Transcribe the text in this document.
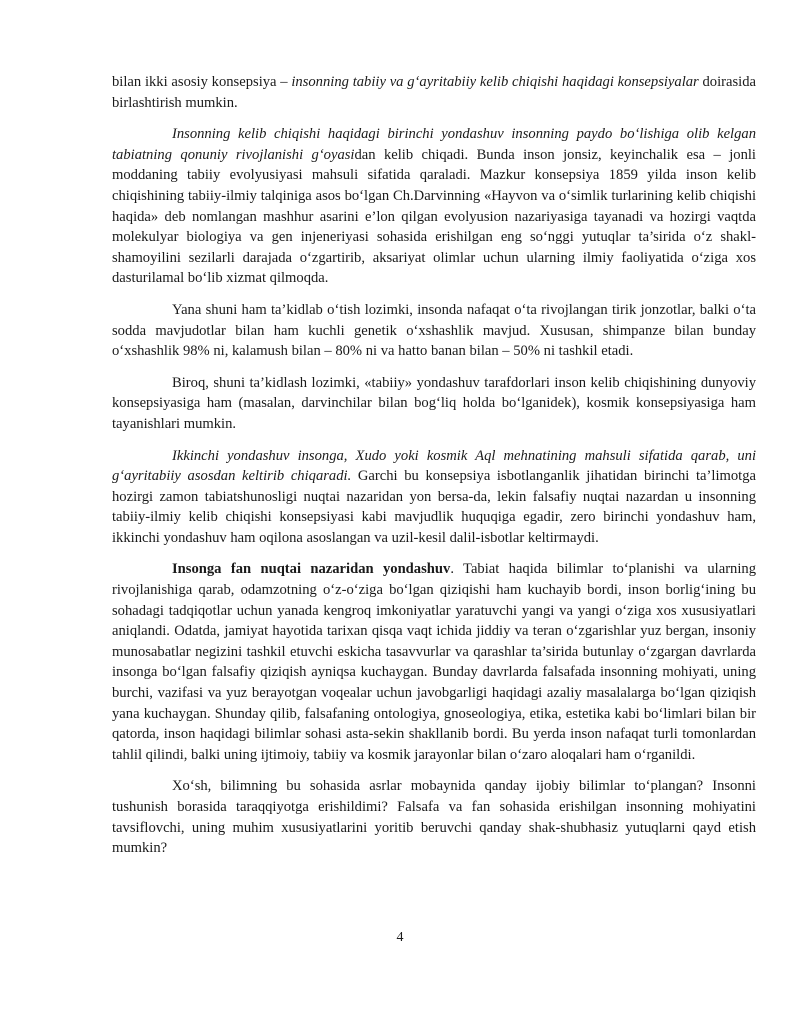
bilan ikki asosiy konsepsiya – insonning tabiiy va g‘ayritabiiy kelib chiqishi haqidagi konsepsiyalar doirasida birlashtirish mumkin.

Insonning kelib chiqishi haqidagi birinchi yondashuv insonning paydo bo‘lishiga olib kelgan tabiatning qonuniy rivojlanishi g‘oyasidan kelib chiqadi. Bunda inson jonsiz, keyinchalik esa – jonli moddaning tabiiy evolyusiyasi mahsuli sifatida qaraladi. Mazkur konsepsiya 1859 yilda inson kelib chiqishining tabiiy-ilmiy talqiniga asos bo‘lgan Ch.Darvinning «Hayvon va o‘simlik turlarining kelib chiqishi haqida» deb nomlangan mashhur asarini e’lon qilgan evolyusion nazariyasiga tayanadi va hozirgi vaqtda molekulyar biologiya va gen injeneriyasi sohasida erishilgan eng so‘nggi yutuqlar ta’sirida o‘z shakl-shamoyilini sezilarli darajada o‘zgartirib, aksariyat olimlar uchun ularning ilmiy faoliyatida o‘ziga xos dasturilamal bo‘lib xizmat qilmoqda.

Yana shuni ham ta’kidlab o‘tish lozimki, insonda nafaqat o‘ta rivojlangan tirik jonzotlar, balki o‘ta sodda mavjudotlar bilan ham kuchli genetik o‘xshashlik mavjud. Xususan, shimpanze bilan bunday o‘xshashlik 98% ni, kalamush bilan – 80% ni va hatto banan bilan – 50% ni tashkil etadi.

Biroq, shuni ta’kidlash lozimki, «tabiiy» yondashuv tarafdorlari inson kelib chiqishining dunyoviy konsepsiyasiga ham (masalan, darvinchilar bilan bog‘liq holda bo‘lganidek), kosmik konsepsiyasiga ham tayanishlari mumkin.

Ikkinchi yondashuv insonga, Xudo yoki kosmik Aql mehnatining mahsuli sifatida qarab, uni g‘ayritabiiy asosdan keltirib chiqaradi. Garchi bu konsepsiya isbotlanganlik jihatidan birinchi ta’limotga hozirgi zamon tabiatshunosligi nuqtai nazaridan yon bersa-da, lekin falsafiy nuqtai nazardan u insonning tabiiy-ilmiy kelib chiqishi konsepsiyasi kabi mavjudlik huquqiga egadir, zero birinchi yondashuv ham, ikkinchi yondashuv ham oqilona asoslangan va uzil-kesil dalil-isbotlar keltirmaydi.

Insonga fan nuqtai nazaridan yondashuv. Tabiat haqida bilimlar to‘planishi va ularning rivojlanishiga qarab, odamzotning o‘z-o‘ziga bo‘lgan qiziqishi ham kuchayib bordi, inson borlig‘ining bu sohadagi tadqiqotlar uchun yanada kengroq imkoniyatlar yaratuvchi yangi va yangi o‘ziga xos xususiyatlari aniqlandi. Odatda, jamiyat hayotida tarixan qisqa vaqt ichida jiddiy va teran o‘zgarishlar yuz bergan, insoniy munosabatlar negizini tashkil etuvchi eskicha tasavvurlar va qarashlar ta’sirida butunlay o‘zgargan davrlarda insonga bo‘lgan falsafiy qiziqish ayniqsa kuchaygan. Bunday davrlarda falsafada insonning mohiyati, uning burchi, vazifasi va yuz berayotgan voqealar uchun javobgarligi haqidagi azaliy masalalarga bo‘lgan qiziqish yana kuchaygan. Shunday qilib, falsafaning ontologiya, gnoseologiya, etika, estetika kabi bo‘limlari bilan bir qatorda, inson haqidagi bilimlar sohasi asta-sekin shakllanib bordi. Bu yerda inson nafaqat turli tomonlardan tahlil qilindi, balki uning ijtimoiy, tabiiy va kosmik jarayonlar bilan o‘zaro aloqalari ham o‘rganildi.

Xo‘sh, bilimning bu sohasida asrlar mobaynida qanday ijobiy bilimlar to‘plangan? Insonni tushunish borasida taraqqiyotga erishildimi? Falsafa va fan sohasida erishilgan insonning mohiyatini tavsiflovchi, uning muhim xususiyatlarini yoritib beruvchi qanday shak-shubhasiz yutuqlarni qayd etish mumkin?

4
